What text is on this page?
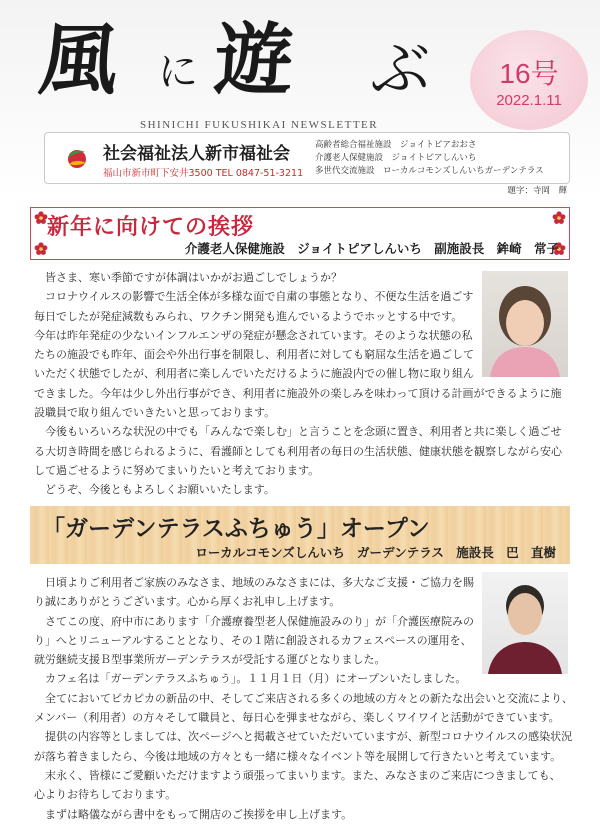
風 に 遊 ぶ	16号
2022.1.11
SHINICHI FUKUSHIKAI NEWSLETTER
社会福祉法人新市福祉会
福山市新市町下安井3500 TEL 0847-51-3211
高齢者総合福祉施設　ジョイトピアおおさ
介護老人保健施設　ジョイトピアしんいち
多世代交流施設　ローカルコモンズしんいちガーデンテラス
題字：寺岡　輝
新年に向けての挨拶
介護老人保健施設 ジョイトピアしんいち 副施設長 鉾崎 常子
　皆さま、寒い季節ですが体調はいかがお過ごしでしょうか？
　コロナウイルスの影響で生活全体が多様な面で自粛の事態となり、不便な生活を過ごす
毎日でしたが発症減数もみられ、ワクチン開発も進んでいるようでホッとする中です。
今年は昨年発症の少ないインフルエンザの発症が懸念されています。そのような状態の私
たちの施設でも昨年、面会や外出行事を制限し、利用者に対しても窮屈な生活を過ごして
いただく状態でしたが、利用者に楽しんでいただけるように施設内での催し物に取り組ん
できました。今年は少し外出行事ができ、利用者に施設外の楽しみを味わって頂ける計画ができるように施
設職員で取り組んでいきたいと思っております。
　今後もいろいろな状況の中でも「みんなで楽しむ」と言うことを念頭に置き、利用者と共に楽しく過ごせ
る大切き時間を感じられるように、看護師としても利用者の毎日の生活状態、健康状態を観察しながら安心
して過ごせるように努めてまいりたいと考えております。
　どうぞ、今後ともよろしくお願いいたします。
「ガーデンテラスふちゅう」オープン
ローカルコモンズしんいち ガーデンテラス 施設長 巴 直樹
　日頃よりご利用者ご家族のみなさま、地域のみなさまには、多大なご支援・ご協力を賜
り誠にありがとうございます。心から厚くお礼申し上げます。
　さてこの度、府中市にあります「介護療養型老人保健施設みのり」が「介護医療院みの
り」へとリニューアルすることとなり、その１階に創設されるカフェスペースの運用を、
就労継続支援Ｂ型事業所ガーデンテラスが受託する運びとなりました。
　カフェ名は「ガーデンテラスふちゅう」。１１月１日（月）にオープンいたしました。
　全てにおいてピカピカの新品の中、そしてご来店される多くの地域の方々との新たな出会いと交流により、
メンバー（利用者）の方々そして職員と、毎日心を弾ませながら、楽しくワイワイと活動ができています。
　提供の内容等としましては、次ページへと掲載させていただいていますが、新型コロナウイルスの感染状況
が落ち着きましたら、今後は地域の方々とも一緒に様々なイベント等を展開して行きたいと考えています。
　末永く、皆様にご愛顧いただけますよう頑張ってまいります。また、みなさまのご来店につきましても、
心よりお待ちしております。
　まずは略儀ながら書中をもって開店のご挨拶を申し上げます。
